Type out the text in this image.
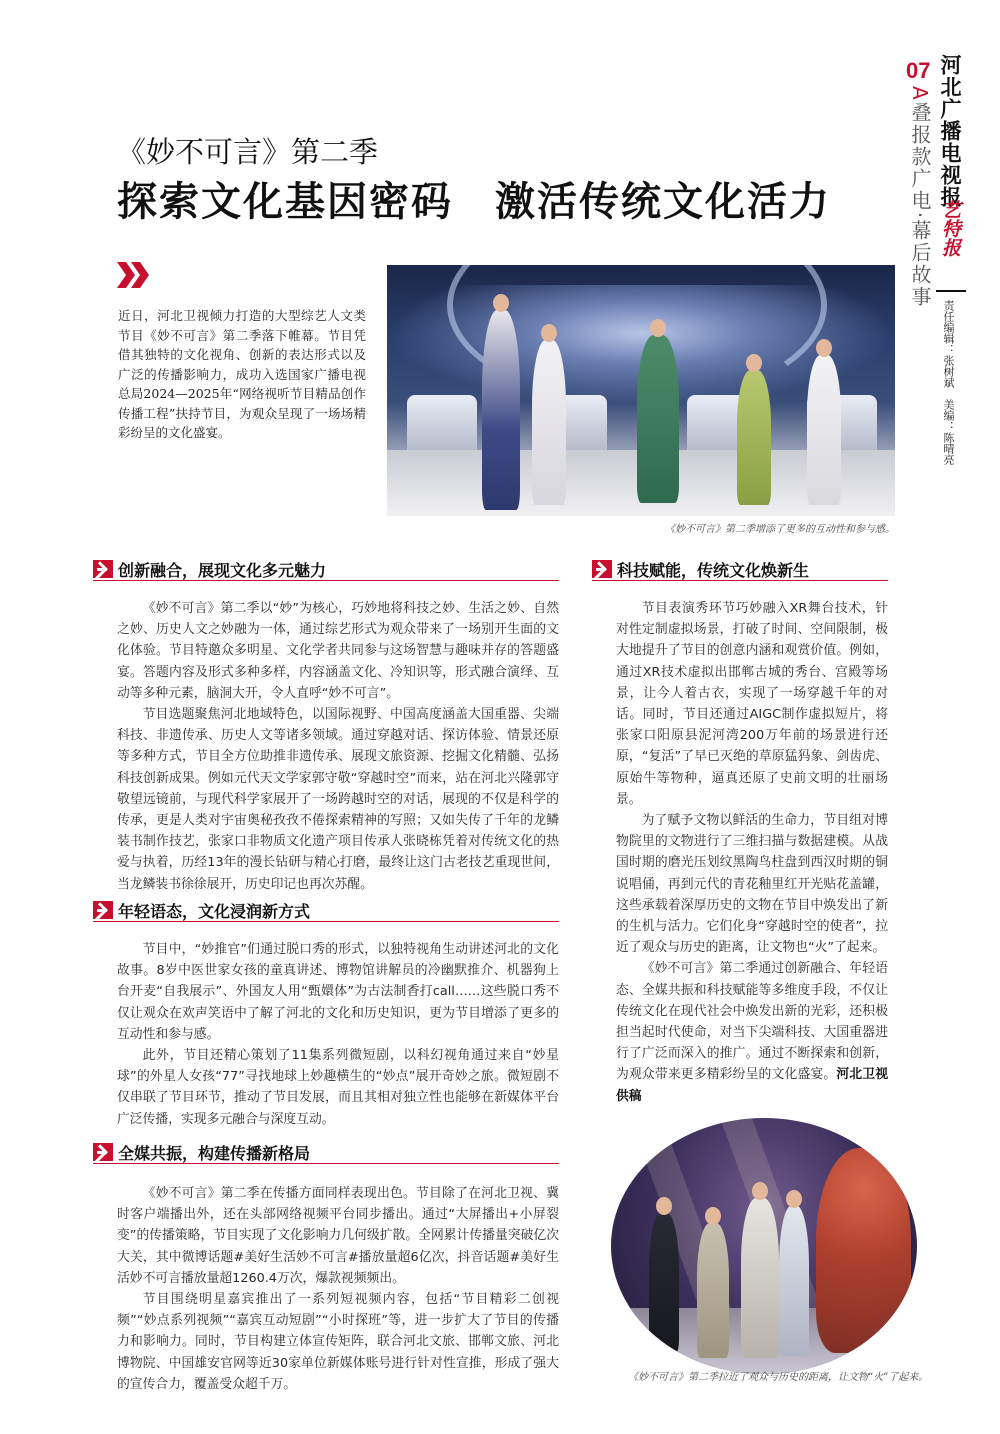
07 河北广播电视报
艺特报
A叠报款广电·幕后故事
责任编辑：张树斌　美编：陈晴亮
《妙不可言》第二季
探索文化基因密码　激活传统文化活力
近日，河北卫视倾力打造的大型综艺人文类节目《妙不可言》第二季落下帷幕。节目凭借其独特的文化视角、创新的表达形式以及广泛的传播影响力，成功入选国家广播电视总局2024—2025年“网络视听节目精品创作传播工程”扶持节目，为观众呈现了一场场精彩纷呈的文化盛宴。
《妙不可言》第二季增添了更多的互动性和参与感。
创新融合，展现文化多元魅力

《妙不可言》第二季以“妙”为核心，巧妙地将科技之妙、生活之妙、自然之妙、历史人文之妙融为一体，通过综艺形式为观众带来了一场别开生面的文化体验。节目特邀众多明星、文化学者共同参与这场智慧与趣味并存的答题盛宴。答题内容及形式多种多样，内容涵盖文化、冷知识等，形式融合演绎、互动等多种元素，脑洞大开，令人直呼“妙不可言”。

节目选题聚焦河北地域特色，以国际视野、中国高度涵盖大国重器、尖端科技、非遗传承、历史人文等诸多领域。通过穿越对话、探访体验、情景还原等多种方式，节目全方位助推非遗传承、展现文旅资源、挖掘文化精髓、弘扬科技创新成果。例如元代天文学家郭守敬“穿越时空”而来，站在河北兴隆郭守敬望远镜前，与现代科学家展开了一场跨越时空的对话，展现的不仅是科学的传承，更是人类对宇宙奥秘孜孜不倦探索精神的写照；又如失传了千年的龙鳞装书制作技艺，张家口非物质文化遗产项目传承人张晓栋凭着对传统文化的热爱与执着，历经13年的漫长钻研与精心打磨，最终让这门古老技艺重现世间，当龙鳞装书徐徐展开，历史印记也再次苏醒。

年轻语态，文化浸润新方式

节目中，“妙推官”们通过脱口秀的形式，以独特视角生动讲述河北的文化故事。8岁中医世家女孩的童真讲述、博物馆讲解员的冷幽默推介、机器狗上台开麦“自我展示”、外国友人用“甄嬛体”为古法制香打call……这些脱口秀不仅让观众在欢声笑语中了解了河北的文化和历史知识，更为节目增添了更多的互动性和参与感。

此外，节目还精心策划了11集系列微短剧，以科幻视角通过来自“妙星球”的外星人女孩“77”寻找地球上妙趣横生的“妙点”展开奇妙之旅。微短剧不仅串联了节目环节，推动了节目发展，而且其相对独立性也能够在新媒体平台广泛传播，实现多元融合与深度互动。

全媒共振，构建传播新格局

《妙不可言》第二季在传播方面同样表现出色。节目除了在河北卫视、冀时客户端播出外，还在头部网络视频平台同步播出。通过“大屏播出+小屏裂变”的传播策略，节目实现了文化影响力几何级扩散。全网累计传播量突破亿次大关，其中微博话题#美好生活妙不可言#播放量超6亿次，抖音话题#美好生活妙不可言播放量超1260.4万次，爆款视频频出。

节目围绕明星嘉宾推出了一系列短视频内容，包括“节目精彩二创视频”“妙点系列视频”“嘉宾互动短剧”“小时探班”等，进一步扩大了节目的传播力和影响力。同时，节目构建立体宣传矩阵，联合河北文旅、邯郸文旅、河北博物院、中国雄安官网等近30家单位新媒体账号进行针对性宣推，形成了强大的宣传合力，覆盖受众超千万。

科技赋能，传统文化焕新生

节目表演秀环节巧妙融入XR舞台技术，针对性定制虚拟场景，打破了时间、空间限制，极大地提升了节目的创意内涵和观赏价值。例如，通过XR技术虚拟出邯郸古城的秀台、宫殿等场景，让今人着古衣，实现了一场穿越千年的对话。同时，节目还通过AIGC制作虚拟短片，将张家口阳原县泥河湾200万年前的场景进行还原，“复活”了早已灭绝的草原猛犸象、剑齿虎、原始牛等物种，逼真还原了史前文明的壮丽场景。

为了赋予文物以鲜活的生命力，节目组对博物院里的文物进行了三维扫描与数据建模。从战国时期的磨光压划纹黑陶鸟柱盘到西汉时期的铜说唱俑，再到元代的青花釉里红开光贴花盖罐，这些承载着深厚历史的文物在节目中焕发出了新的生机与活力。它们化身“穿越时空的使者”，拉近了观众与历史的距离，让文物也“火”了起来。

《妙不可言》第二季通过创新融合、年轻语态、全媒共振和科技赋能等多维度手段，不仅让传统文化在现代社会中焕发出新的光彩，还积极担当起时代使命，对当下尖端科技、大国重器进行了广泛而深入的推广。通过不断探索和创新，为观众带来更多精彩纷呈的文化盛宴。河北卫视供稿

《妙不可言》第二季拉近了观众与历史的距离，让文物“火”了起来。
